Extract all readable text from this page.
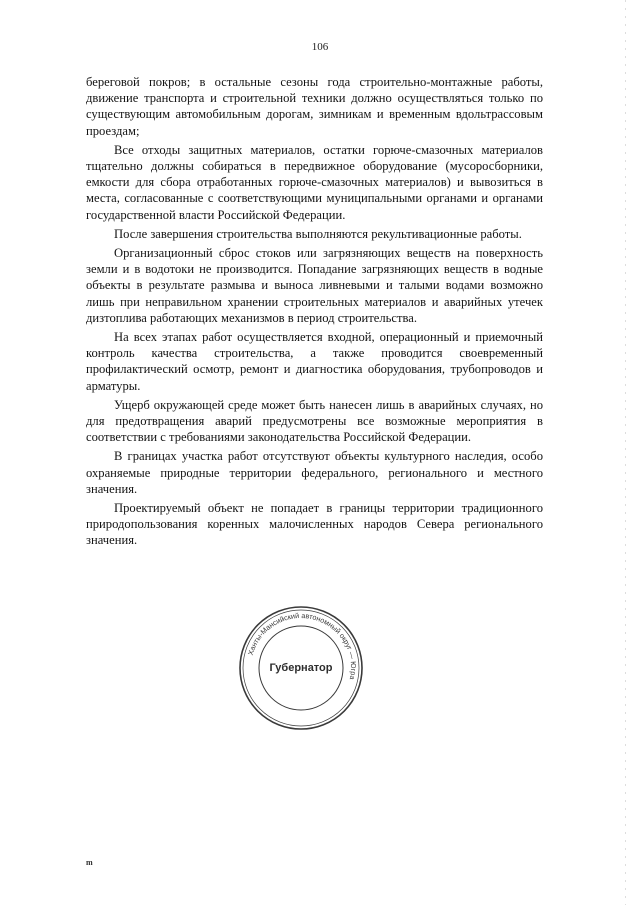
106

береговой покров; в остальные сезоны года строительно-монтажные работы, движение транспорта и строительной техники должно осуществляться только по существующим автомобильным дорогам, зимникам и временным вдольтрассовым проездам;

Все отходы защитных материалов, остатки горюче-смазочных материалов тщательно должны собираться в передвижное оборудование (мусоросборники, емкости для сбора отработанных горюче-смазочных материалов) и вывозиться в места, согласованные с соответствующими муниципальными органами и органами государственной власти Российской Федерации.

После завершения строительства выполняются рекультивационные работы.

Организационный сброс стоков или загрязняющих веществ на поверхность земли и в водотоки не производится. Попадание загрязняющих веществ в водные объекты в результате размыва и выноса ливневыми и талыми водами возможно лишь при неправильном хранении строительных материалов и аварийных утечек дизтоплива работающих механизмов в период строительства.

На всех этапах работ осуществляется входной, операционный и приемочный контроль качества строительства, а также проводится своевременный профилактический осмотр, ремонт и диагностика оборудования, трубопроводов и арматуры.

Ущерб окружающей среде может быть нанесен лишь в аварийных случаях, но для предотвращения аварий предусмотрены все возможные мероприятия в соответствии с требованиями законодательства Российской Федерации.

В границах участка работ отсутствуют объекты культурного наследия, особо охраняемые природные территории федерального, регионального и местного значения.

Проектируемый объект не попадает в границы территории традиционного природопользования коренных малочисленных народов Севера регионального значения.

Ханты-Мансийский автономный округ — Югра
Губернатор
m
